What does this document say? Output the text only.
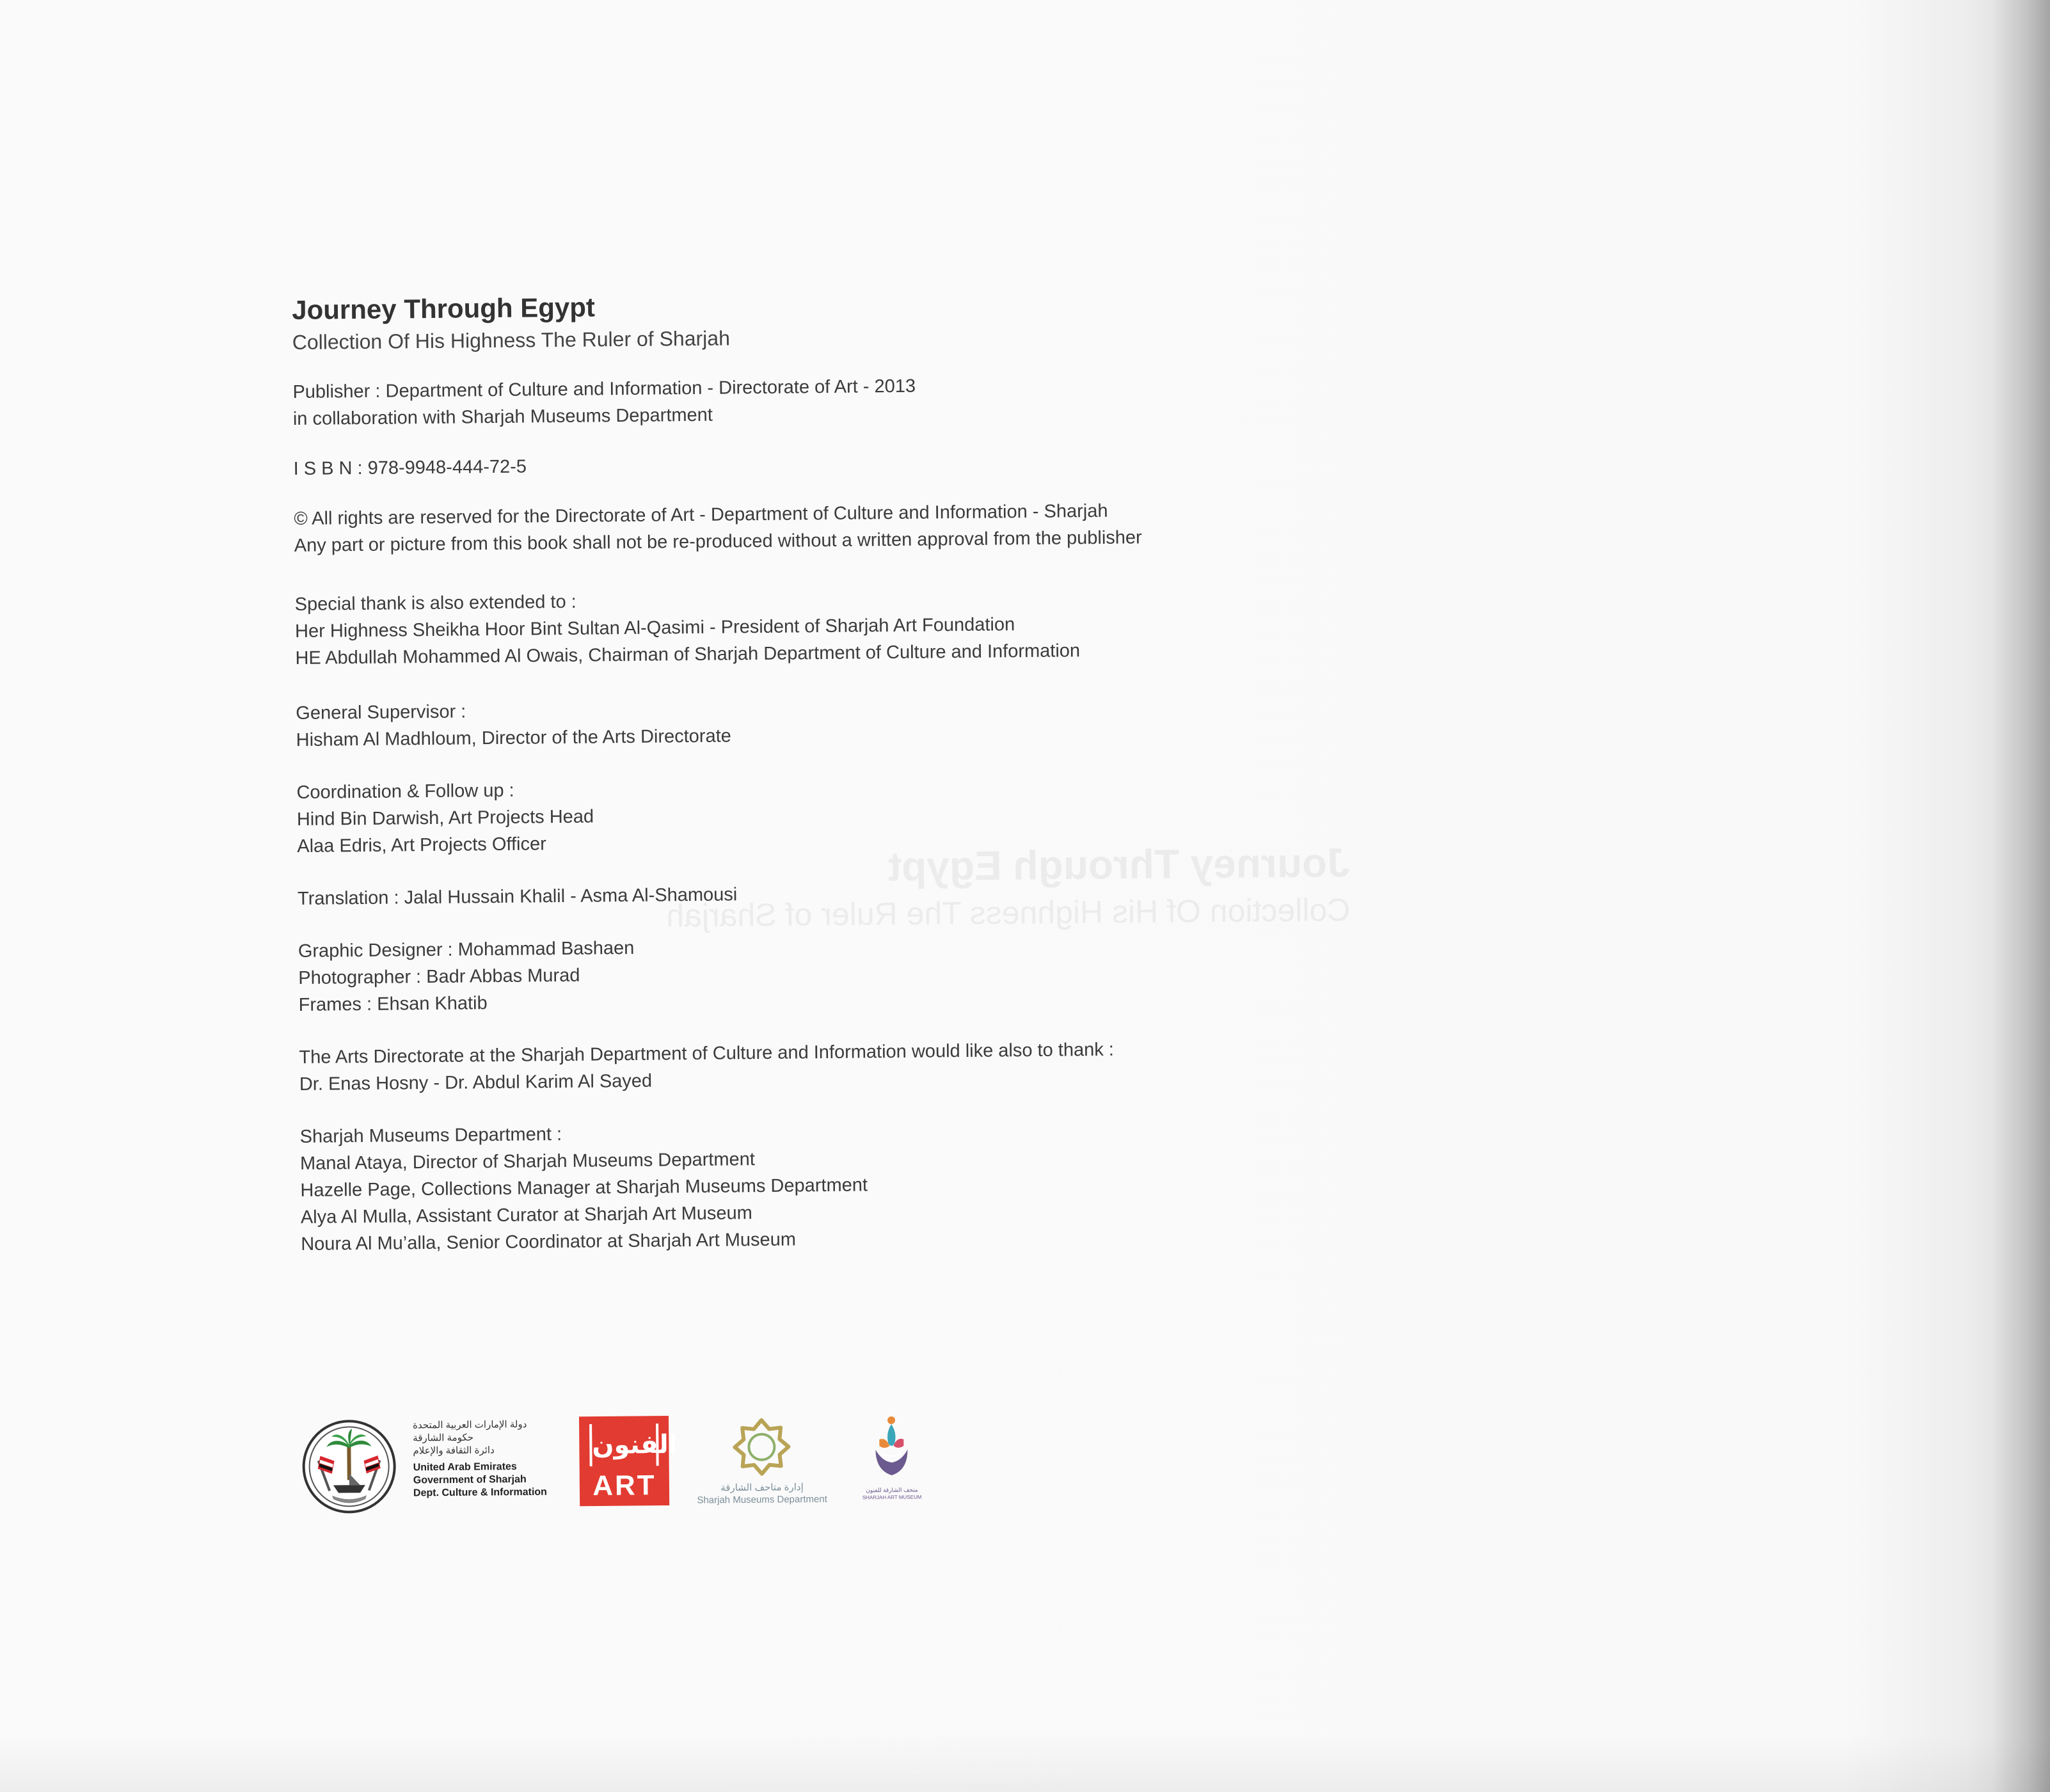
Journey Through Egypt
Collection Of His Highness The Ruler of Sharjah
Journey Through Egypt
Collection Of His Highness The Ruler of Sharjah
Publisher : Department of Culture and Information - Directorate of Art - 2013
in collaboration with Sharjah Museums Department
I S B N : 978-9948-444-72-5
© All rights are reserved for the Directorate of Art - Department of Culture and Information - Sharjah
Any part or picture from this book shall not be re-produced without a written approval from the publisher
Special thank is also extended to :
Her Highness Sheikha Hoor Bint Sultan Al-Qasimi - President of Sharjah Art Foundation
HE Abdullah Mohammed Al Owais, Chairman of Sharjah Department of Culture and Information
General Supervisor :
Hisham Al Madhloum, Director of the Arts Directorate
Coordination & Follow up :
Hind Bin Darwish, Art Projects Head
Alaa Edris, Art Projects Officer
Translation : Jalal Hussain Khalil - Asma Al-Shamousi
Graphic Designer : Mohammad Bashaen
Photographer : Badr Abbas Murad
Frames : Ehsan Khatib
The Arts Directorate at the Sharjah Department of Culture and Information would like also to thank :
Dr. Enas Hosny - Dr. Abdul Karim Al Sayed
Sharjah Museums Department :
Manal Ataya, Director of Sharjah Museums Department
Hazelle Page, Collections Manager at Sharjah Museums Department
Alya Al Mulla, Assistant Curator at Sharjah Art Museum
Noura Al Mu’alla, Senior Coordinator at Sharjah Art Museum
دولة الإمارات العربية المتحدة
حكومة الشارقة
دائرة الثقافة والإعلام
United Arab Emirates
Government of Sharjah
Dept. Culture & Information
الفنون
ART	إدارة متاحف الشارقة
Sharjah Museums Department
متحف الشارقة للفنون
SHARJAH ART MUSEUM
